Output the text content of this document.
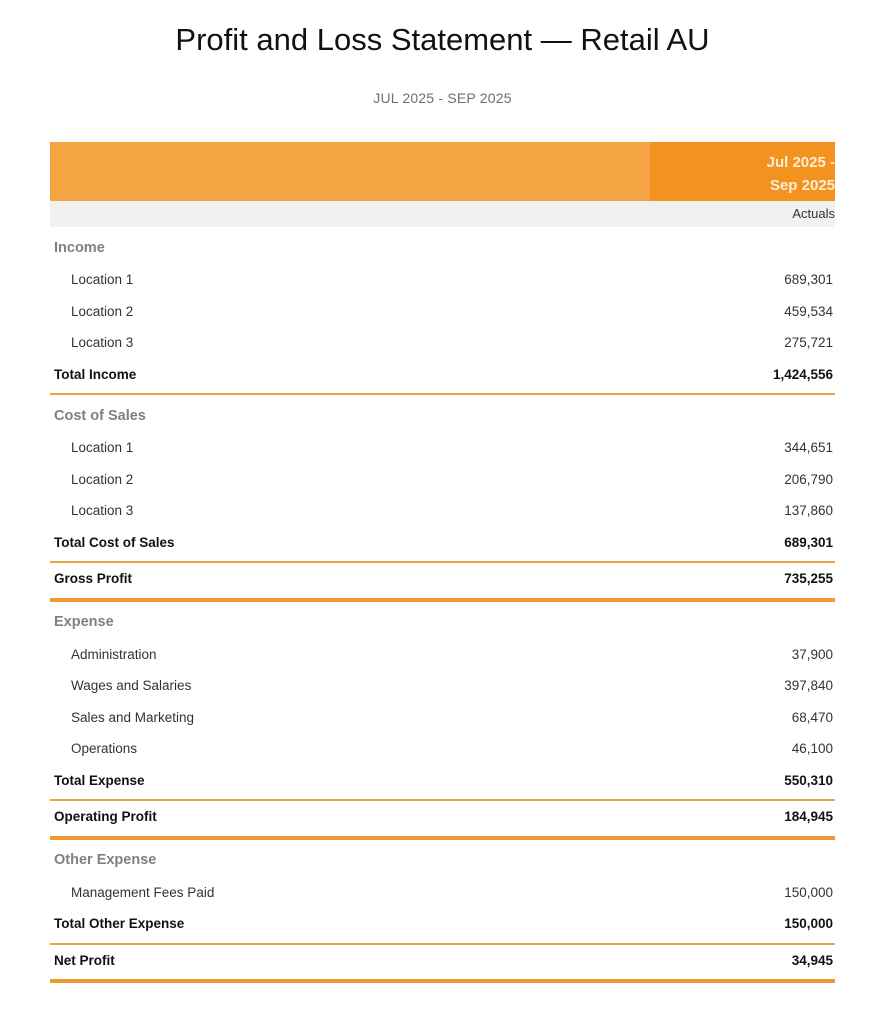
Profit and Loss Statement — Retail AU
JUL 2025 - SEP 2025
Jul 2025 -
Sep 2025
Actuals
Income
Location 1	689,301
Location 2	459,534
Location 3	275,721
Total Income	1,424,556
Cost of Sales
Location 1	344,651
Location 2	206,790
Location 3	137,860
Total Cost of Sales	689,301
Gross Profit	735,255
Expense
Administration	37,900
Wages and Salaries	397,840
Sales and Marketing	68,470
Operations	46,100
Total Expense	550,310
Operating Profit	184,945
Other Expense
Management Fees Paid	150,000
Total Other Expense	150,000
Net Profit	34,945
